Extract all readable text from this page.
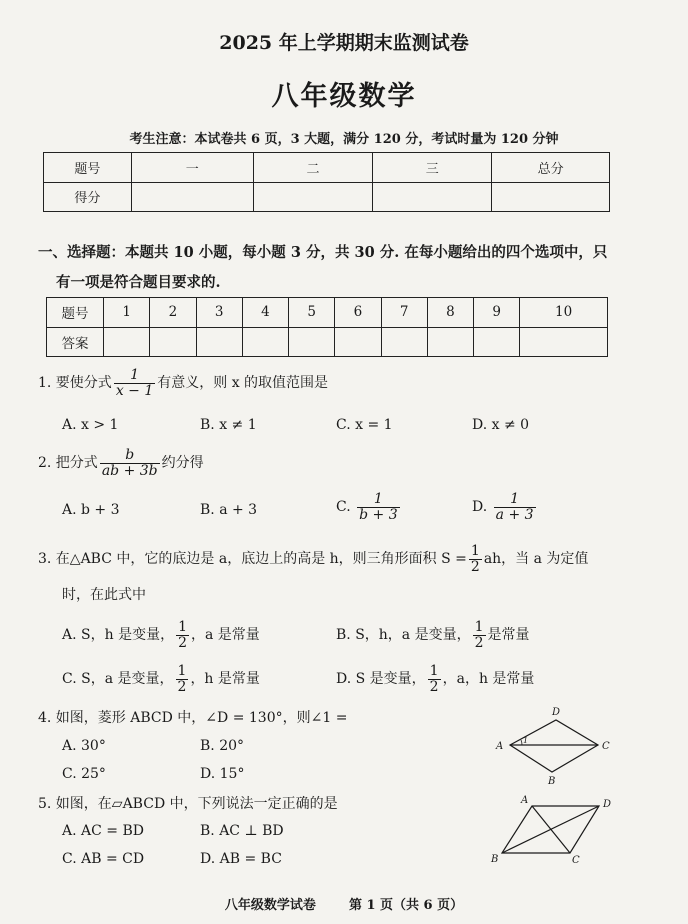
2025 年上学期期末监测试卷
八年级数学
考生注意：本试卷共 6 页，3 大题，满分 120 分，考试时量为 120 分钟
题号	一	二	三	总分
得分				
一、选择题：本题共 10 小题，每小题 3 分，共 30 分. 在每小题给出的四个选项中，只
有一项是符合题目要求的.
题号	1	2	3	4	5	6	7	8	9	10
答案										
1. 要使分式 $\frac{1}{x - 1}$ 有意义，则 x 的取值范围是
A. x > 1	B. x ≠ 1	C. x = 1	D. x ≠ 0
2. 把分式 $\frac{b}{ab + 3b}$ 约分得
A. b + 3	B. a + 3	C. $\frac{1}{b + 3}$	D. $\frac{1}{a + 3}$
3. 在△ABC 中，它的底边是 a，底边上的高是 h，则三角形面积 $S = \frac{1}{2}$ ah，当 a 为定值
时，在此式中
A. S，h 是变量， $\frac{1}{2}$ ，a 是常量	B. S，h，a 是变量， $\frac{1}{2}$ 是常量
C. S，a 是变量， $\frac{1}{2}$ ，h 是常量	D. S 是变量， $\frac{1}{2}$ ，a，h 是常量
4. 如图，菱形 ABCD 中，∠D = 130°，则∠1 =
A. 30°	B. 20°
C. 25°	D. 15°
A
D
C
B
1
5. 如图，在▱ABCD 中，下列说法一定正确的是
A. AC = BD	B. AC ⊥ BD
C. AB = CD	D. AB = BC
A	D
B	C
八年级数学试卷	第 1 页（共 6 页）
